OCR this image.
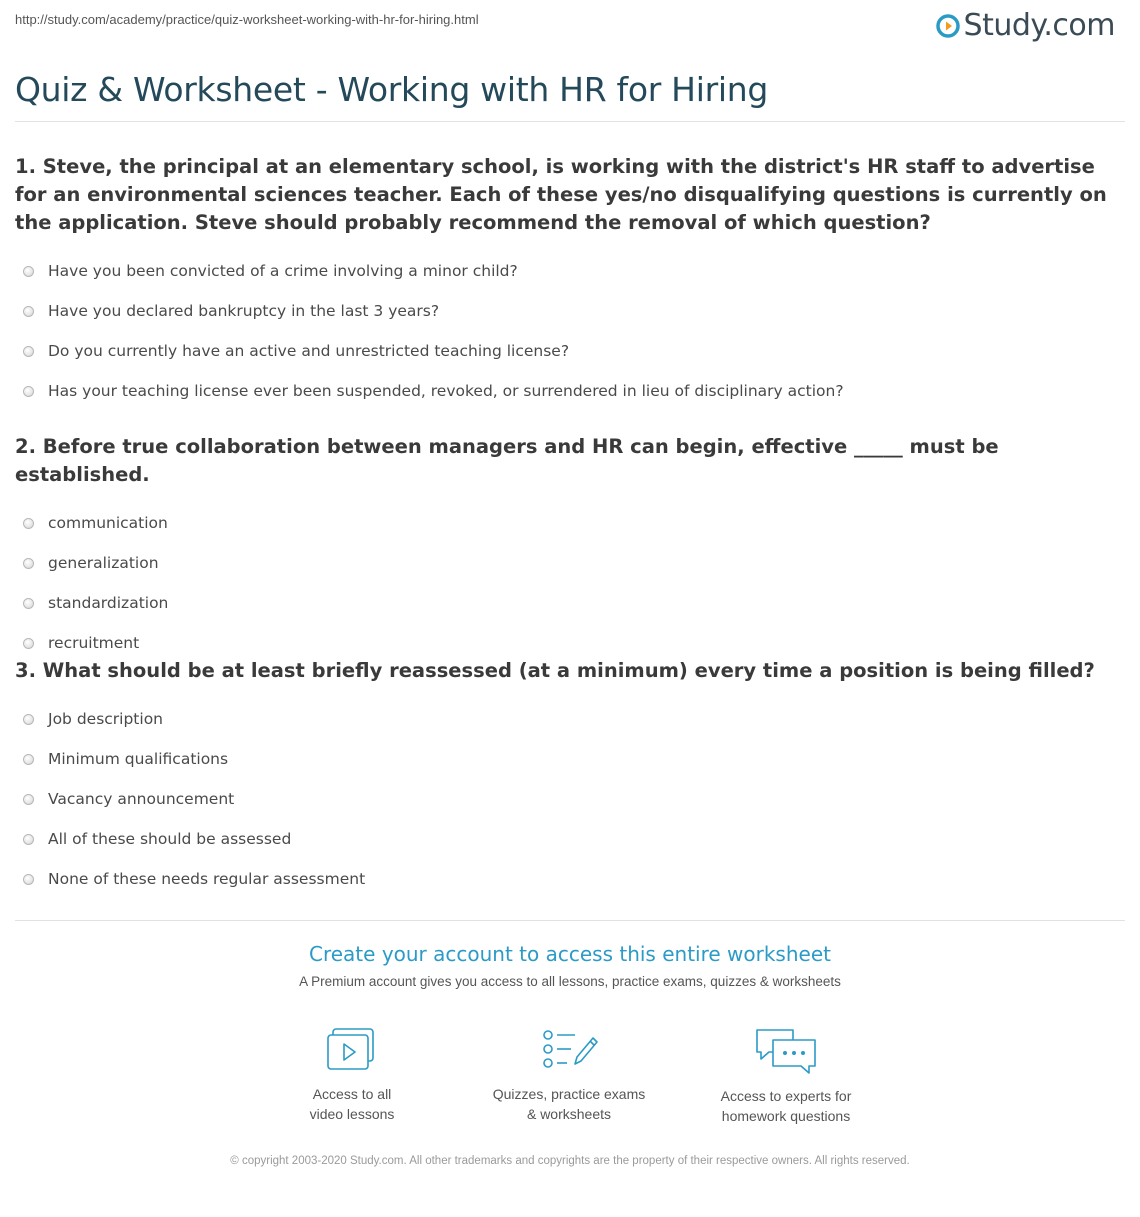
http://study.com/academy/practice/quiz-worksheet-working-with-hr-for-hiring.html	Study.com
Quiz & Worksheet - Working with HR for Hiring

1. Steve, the principal at an elementary school, is working with the district's HR staff to advertise for an environmental sciences teacher. Each of these yes/no disqualifying questions is currently on the application. Steve should probably recommend the removal of which question?

Have you been convicted of a crime involving a minor child?
Have you declared bankruptcy in the last 3 years?
Do you currently have an active and unrestricted teaching license?
Has your teaching license ever been suspended, revoked, or surrendered in lieu of disciplinary action?

2. Before true collaboration between managers and HR can begin, effective _____ must be established.

communication
generalization
standardization
recruitment

3. What should be at least briefly reassessed (at a minimum) every time a position is being filled?

Job description
Minimum qualifications
Vacancy announcement
All of these should be assessed
None of these needs regular assessment
Create your account to access this entire worksheet
A Premium account gives you access to all lessons, practice exams, quizzes & worksheets
Access to all
video lessons
Quizzes, practice exams
& worksheets
Access to experts for
homework questions
© copyright 2003-2020 Study.com. All other trademarks and copyrights are the property of their respective owners. All rights reserved.
